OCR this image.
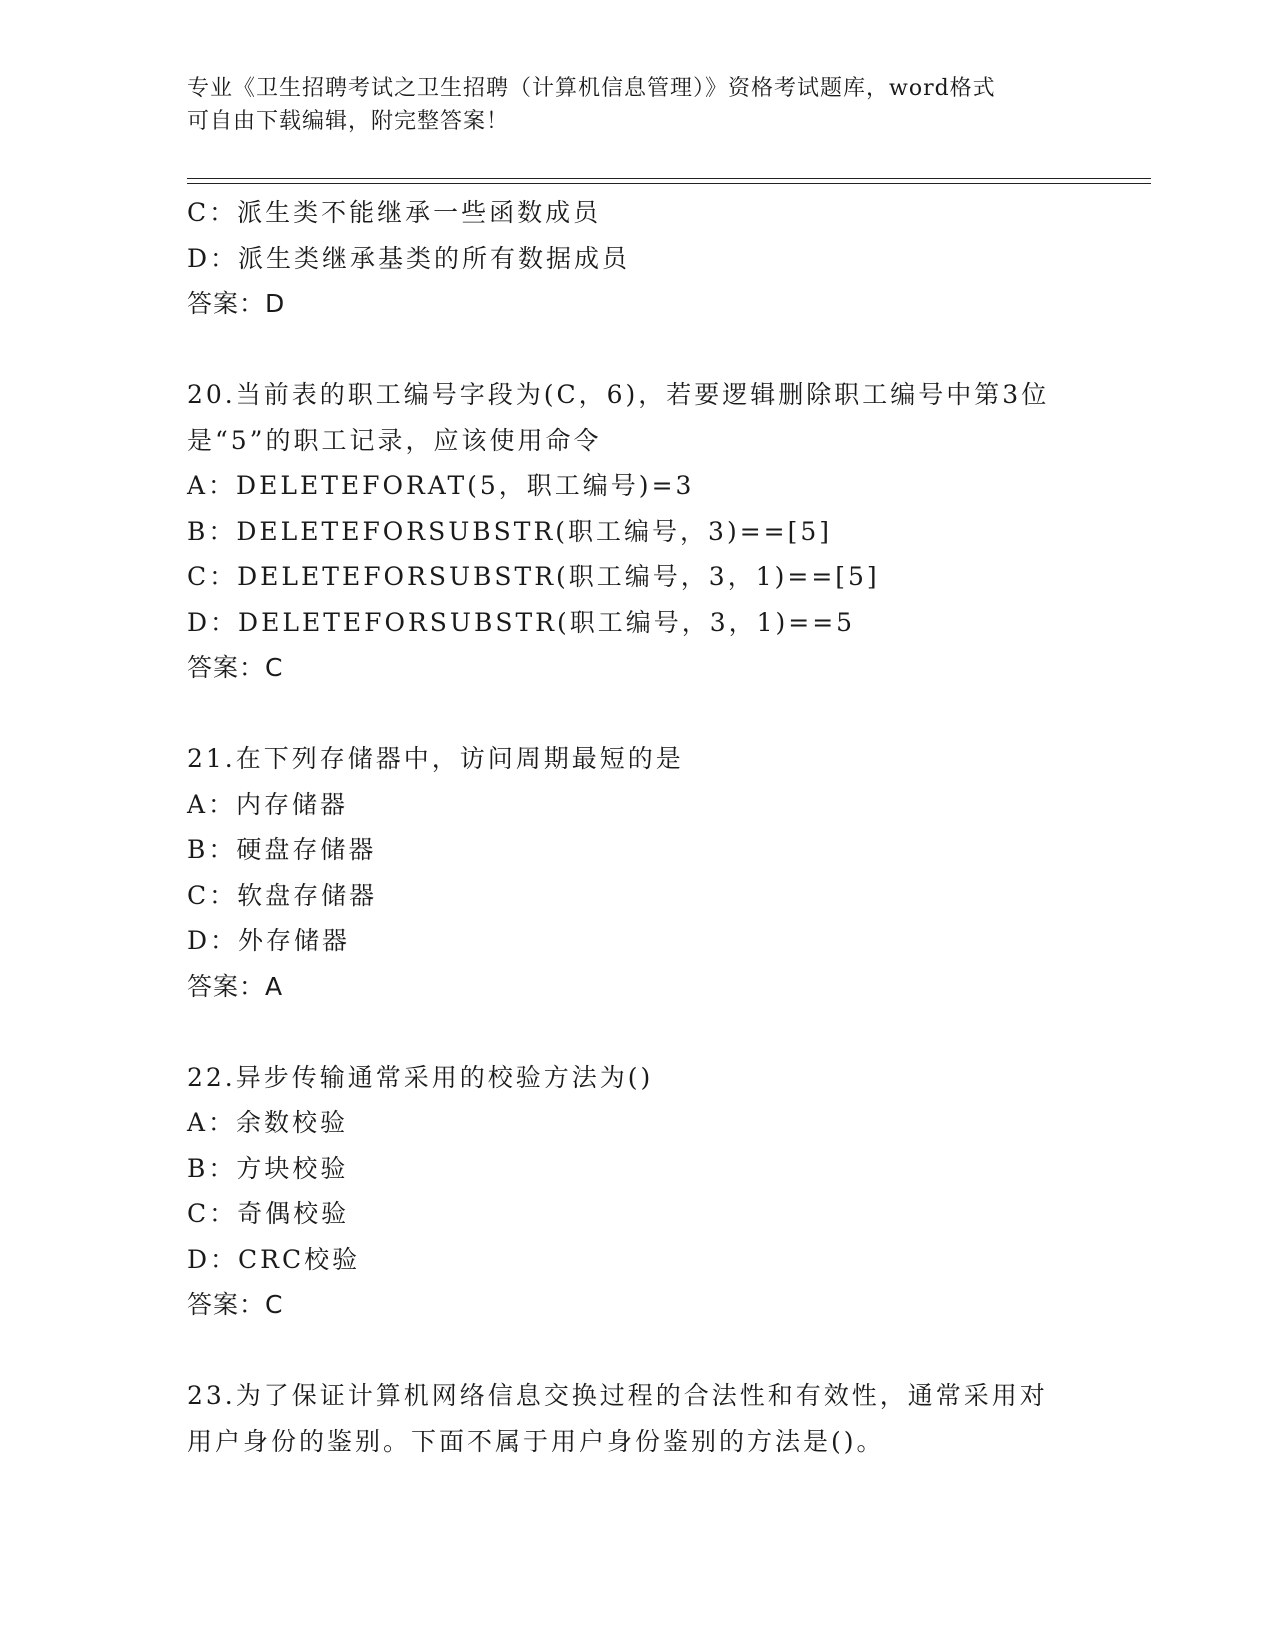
专业《卫生招聘考试之卫生招聘（计算机信息管理）》资格考试题库，word格式
可自由下载编辑，附完整答案！
C：派生类不能继承一些函数成员
D：派生类继承基类的所有数据成员
答案：D
20.当前表的职工编号字段为(C，6)，若要逻辑删除职工编号中第3位
是“5”的职工记录，应该使用命令
A：DELETEFORAT(5，职工编号)=3
B：DELETEFORSUBSTR(职工编号，3)==[5]
C：DELETEFORSUBSTR(职工编号，3，1)==[5]
D：DELETEFORSUBSTR(职工编号，3，1)==5
答案：C
21.在下列存储器中，访问周期最短的是
A：内存储器
B：硬盘存储器
C：软盘存储器
D：外存储器
答案：A
22.异步传输通常采用的校验方法为()
A：余数校验
B：方块校验
C：奇偶校验
D：CRC校验
答案：C
23.为了保证计算机网络信息交换过程的合法性和有效性，通常采用对
用户身份的鉴别。下面不属于用户身份鉴别的方法是()。
